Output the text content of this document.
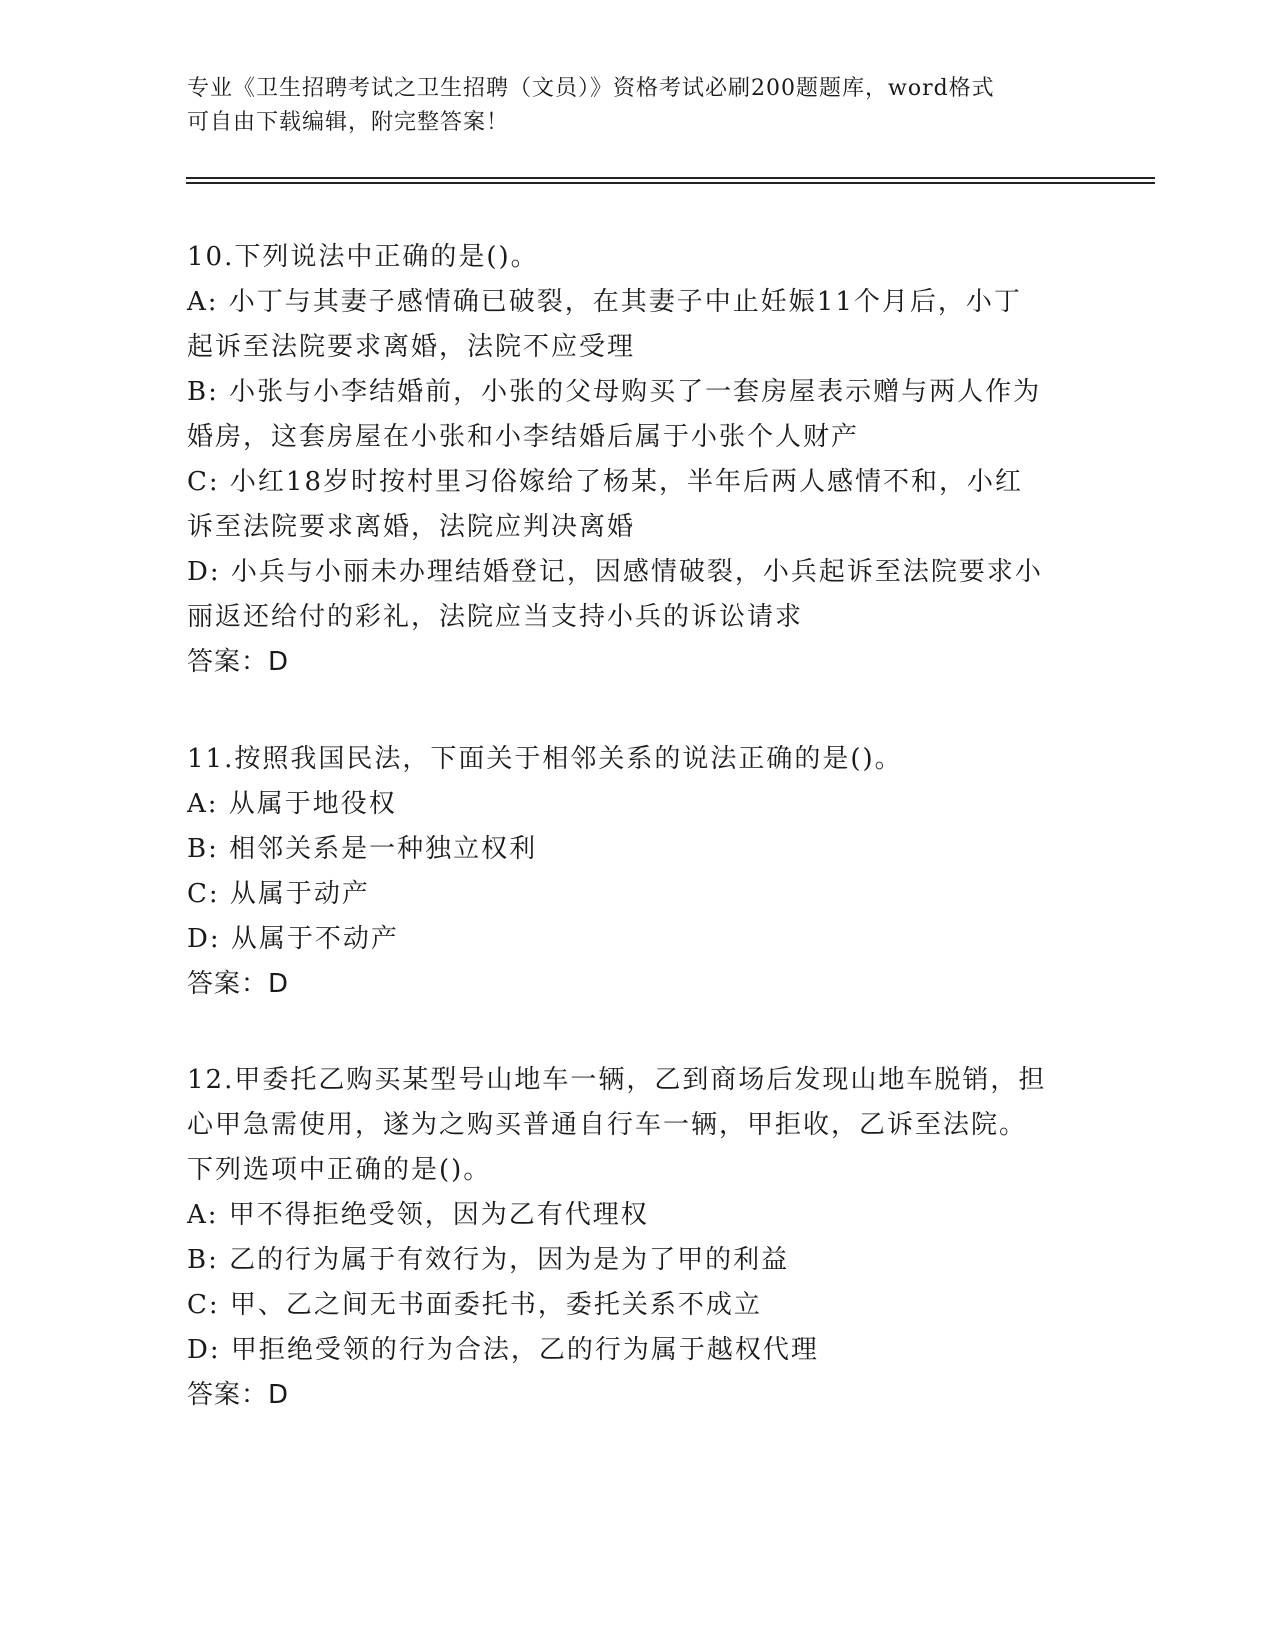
专业《卫生招聘考试之卫生招聘（文员）》资格考试必刷200题题库，word格式
可自由下载编辑，附完整答案！
10.下列说法中正确的是()。
A: 小丁与其妻子感情确已破裂，在其妻子中止妊娠11个月后，小丁
起诉至法院要求离婚，法院不应受理
B: 小张与小李结婚前，小张的父母购买了一套房屋表示赠与两人作为
婚房，这套房屋在小张和小李结婚后属于小张个人财产
C: 小红18岁时按村里习俗嫁给了杨某，半年后两人感情不和，小红
诉至法院要求离婚，法院应判决离婚
D: 小兵与小丽未办理结婚登记，因感情破裂，小兵起诉至法院要求小
丽返还给付的彩礼，法院应当支持小兵的诉讼请求
答案：D
11.按照我国民法，下面关于相邻关系的说法正确的是()。
A: 从属于地役权
B: 相邻关系是一种独立权利
C: 从属于动产
D: 从属于不动产
答案：D
12.甲委托乙购买某型号山地车一辆，乙到商场后发现山地车脱销，担
心甲急需使用，遂为之购买普通自行车一辆，甲拒收，乙诉至法院。
下列选项中正确的是()。
A: 甲不得拒绝受领，因为乙有代理权
B: 乙的行为属于有效行为，因为是为了甲的利益
C: 甲、乙之间无书面委托书，委托关系不成立
D: 甲拒绝受领的行为合法，乙的行为属于越权代理
答案：D
